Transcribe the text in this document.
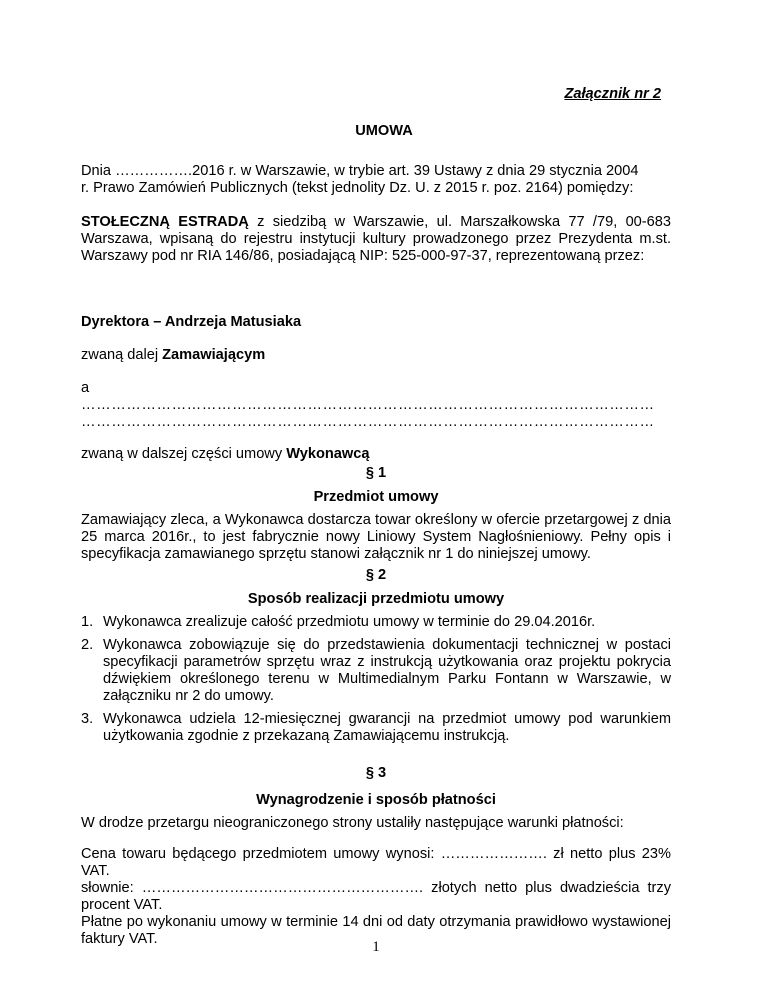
Załącznik nr 2
UMOWA
Dnia …………….2016 r. w Warszawie, w trybie art. 39 Ustawy z dnia 29 stycznia 2004
r. Prawo Zamówień Publicznych (tekst jednolity Dz. U. z 2015 r. poz. 2164) pomiędzy:
STOŁECZNĄ ESTRADĄ z siedzibą w Warszawie, ul. Marszałkowska 77 /79, 00-683 Warszawa, wpisaną do rejestru instytucji kultury prowadzonego przez Prezydenta m.st. Warszawy pod nr RIA 146/86, posiadającą NIP: 525-000-97-37, reprezentowaną przez:
Dyrektora – Andrzeja Matusiaka
zwaną dalej Zamawiającym
a
……………………………………………………………………………………………………
……………………………………………………………………………………………………
zwaną w dalszej części umowy Wykonawcą
§ 1
Przedmiot umowy
Zamawiający zleca, a Wykonawca dostarcza towar określony w ofercie przetargowej z dnia 25 marca 2016r., to jest fabrycznie nowy Liniowy System Nagłośnieniowy. Pełny opis i specyfikacja zamawianego sprzętu stanowi załącznik nr 1 do niniejszej umowy.
§ 2
Sposób realizacji przedmiotu umowy
1. Wykonawca zrealizuje całość przedmiotu umowy w terminie do 29.04.2016r.
2. Wykonawca zobowiązuje się do przedstawienia dokumentacji technicznej w postaci specyfikacji parametrów sprzętu wraz z instrukcją użytkowania oraz projektu pokrycia dźwiękiem określonego terenu w Multimedialnym Parku Fontann w Warszawie, w załączniku nr 2 do umowy.
3. Wykonawca udziela 12-miesięcznej gwarancji na przedmiot umowy pod warunkiem użytkowania zgodnie z przekazaną Zamawiającemu instrukcją.
§ 3
Wynagrodzenie i sposób płatności
W drodze przetargu nieograniczonego strony ustaliły następujące warunki płatności:
Cena towaru będącego przedmiotem umowy wynosi: …………………. zł netto plus 23% VAT.
słownie: …………………………………………………. złotych netto plus dwadzieścia trzy procent VAT.
Płatne po wykonaniu umowy w terminie 14 dni od daty otrzymania prawidłowo wystawionej faktury VAT.	1
